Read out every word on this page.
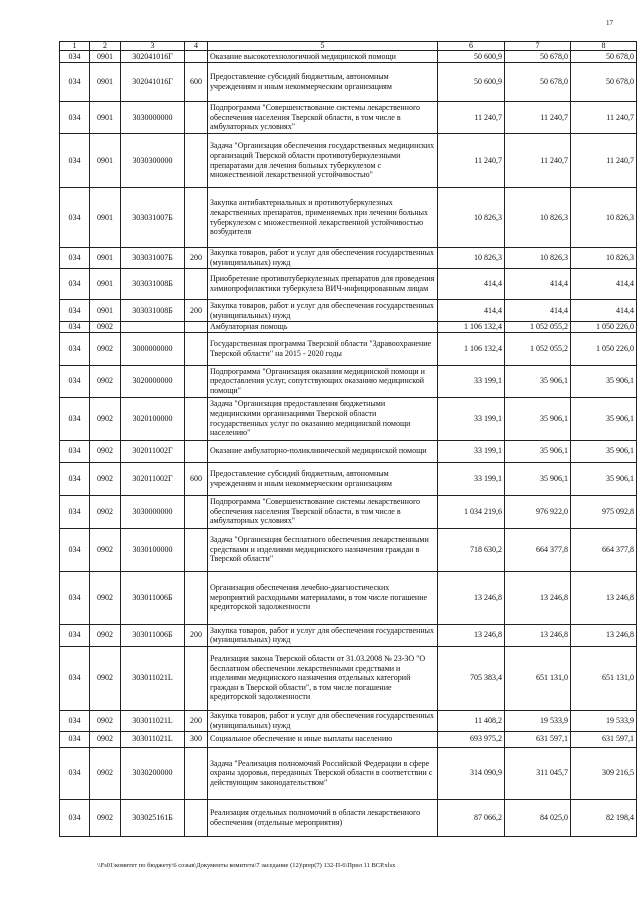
17
1	2	3	4	5	6	7	8
034	0901	302041016Г		Оказание высокотехнологичной медицинской помощи	50 600,9	50 678,0	50 678,0
034	0901	302041016Г	600	Предоставление субсидий бюджетным, автономным учреждениям и иным некоммерческим организациям	50 600,9	50 678,0	50 678,0
034	0901	3030000000		Подпрограмма "Совершенствование системы лекарственного обеспечения населения Тверской области, в том числе в амбулаторных условиях"	11 240,7	11 240,7	11 240,7
034	0901	3030300000		Задача "Организация обеспечения государственных медицинских организаций Тверской области противотуберкулезными препаратами для лечения больных туберкулезом с множественной лекарственной устойчивостью"	11 240,7	11 240,7	11 240,7
034	0901	303031007Б		Закупка антибактериальных и противотуберкулезных лекарственных препаратов, применяемых при лечении больных туберкулезом с множественной лекарственной устойчивостью возбудителя	10 826,3	10 826,3	10 826,3
034	0901	303031007Б	200	Закупка товаров, работ и услуг для обеспечения государственных (муниципальных) нужд	10 826,3	10 826,3	10 826,3
034	0901	303031008Б		Приобретение противотуберкулезных препаратов для проведения химиопрофилактики туберкулеза ВИЧ-инфицированным лицам	414,4	414,4	414,4
034	0901	303031008Б	200	Закупка товаров, работ и услуг для обеспечения государственных (муниципальных) нужд	414,4	414,4	414,4
034	0902			Амбулаторная помощь	1 106 132,4	1 052 055,2	1 050 226,0
034	0902	3000000000		Государственная программа Тверской области "Здравоохранение Тверской области" на 2015 - 2020 годы	1 106 132,4	1 052 055,2	1 050 226,0
034	0902	3020000000		Подпрограмма "Организация оказания медицинской помощи и предоставления услуг, сопутствующих оказанию медицинской помощи"	33 199,1	35 906,1	35 906,1
034	0902	3020100000		Задача "Организация предоставления бюджетными медицинскими организациями Тверской области государственных услуг по оказанию медицинской помощи населению"	33 199,1	35 906,1	35 906,1
034	0902	302011002Г		Оказание амбулаторно-поликлинической медицинской помощи	33 199,1	35 906,1	35 906,1
034	0902	302011002Г	600	Предоставление субсидий бюджетным, автономным учреждениям и иным некоммерческим организациям	33 199,1	35 906,1	35 906,1
034	0902	3030000000		Подпрограмма "Совершенствование системы лекарственного обеспечения населения Тверской области, в том числе в амбулаторных условиях"	1 034 219,6	976 922,0	975 092,8
034	0902	3030100000		Задача "Организация бесплатного обеспечения лекарственными средствами и изделиями медицинского назначения граждан в Тверской области"	718 630,2	664 377,8	664 377,8
034	0902	303011006Б		Организация обеспечения лечебно-диагностических мероприятий расходными материалами, в том числе погашение кредиторской задолженности	13 246,8	13 246,8	13 246,8
034	0902	303011006Б	200	Закупка товаров, работ и услуг для обеспечения государственных (муниципальных) нужд	13 246,8	13 246,8	13 246,8
034	0902	303011021L		Реализация закона Тверской области от 31.03.2008 № 23-ЗО "О бесплатном обеспечении лекарственными средствами и изделиями медицинского назначения отдельных категорий граждан в Тверской области", в том числе погашение кредиторской задолженности	705 383,4	651 131,0	651 131,0
034	0902	303011021L	200	Закупка товаров, работ и услуг для обеспечения государственных (муниципальных) нужд	11 408,2	19 533,9	19 533,9
034	0902	303011021L	300	Социальное обеспечение и иные выплаты населению	693 975,2	631 597,1	631 597,1
034	0902	3030200000		Задача "Реализация полномочий Российской Федерации в сфере охраны здоровья, переданных Тверской области в соответствии с действующим законодательством"	314 090,9	311 045,7	309 216,5
034	0902	303025161Б		Реализация отдельных полномочий в области лекарственного обеспечения (отдельные мероприятия)	87 066,2	84 025,0	82 198,4
\\Fs01\комитет по бюджету\6 созыв\Документы комитета\7 заседание (12)\prep(7) 132-П-6\Прил 11 ВСР.xlsx
